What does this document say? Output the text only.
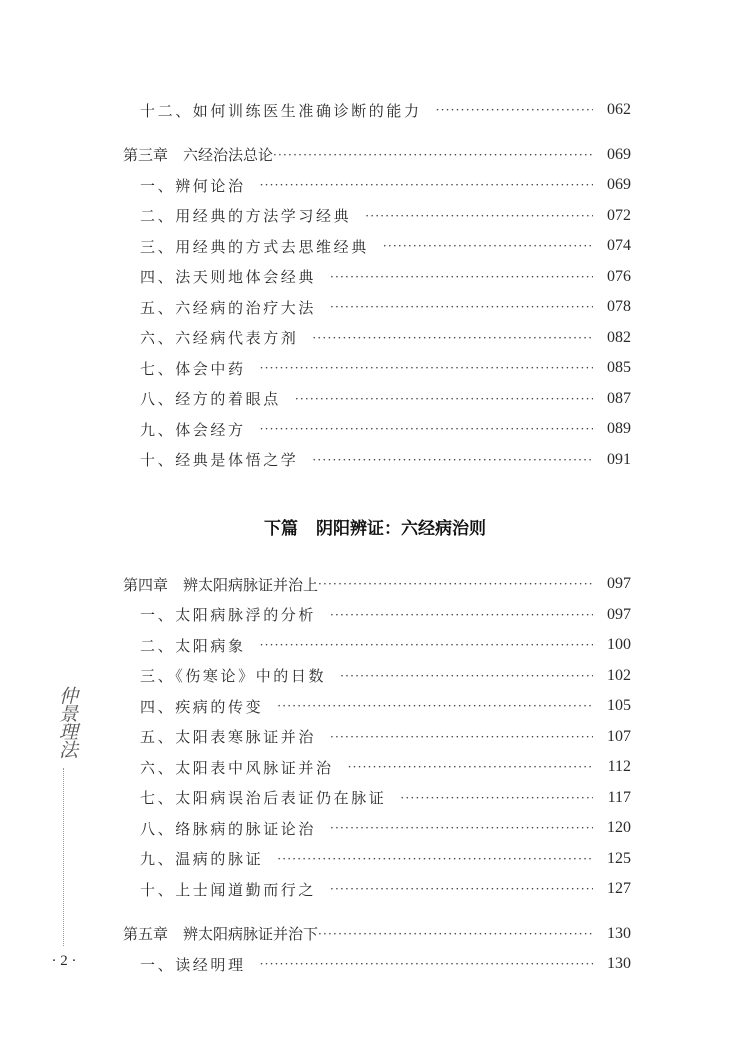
十二、如何训练医生准确诊断的能力 ·····	062
第三章　六经治法总论 ·····	069
一、辨何论治 ·····	069
二、用经典的方法学习经典 ·····	072
三、用经典的方式去思维经典 ·····	074
四、法天则地体会经典 ·····	076
五、六经病的治疗大法 ·····	078
六、六经病代表方剂 ·····	082
七、体会中药 ·····	085
八、经方的着眼点 ·····	087
九、体会经方 ·····	089
十、经典是体悟之学 ·····	091
下篇 阴阳辨证：六经病治则
第四章　辨太阳病脉证并治上 ·····	097
一、太阳病脉浮的分析 ·····	097
二、太阳病象 ·····	100
三、《伤寒论》中的日数 ·····	102
四、疾病的传变 ·····	105
五、太阳表寒脉证并治 ·····	107
六、太阳表中风脉证并治 ·····	112
七、太阳病误治后表证仍在脉证 ·····	117
八、络脉病的脉证论治 ·····	120
九、温病的脉证 ·····	125
十、上士闻道勤而行之 ·····	127
第五章　辨太阳病脉证并治下 ·····	130
一、读经明理 ·····	130
仲景理法
· 2 ·
